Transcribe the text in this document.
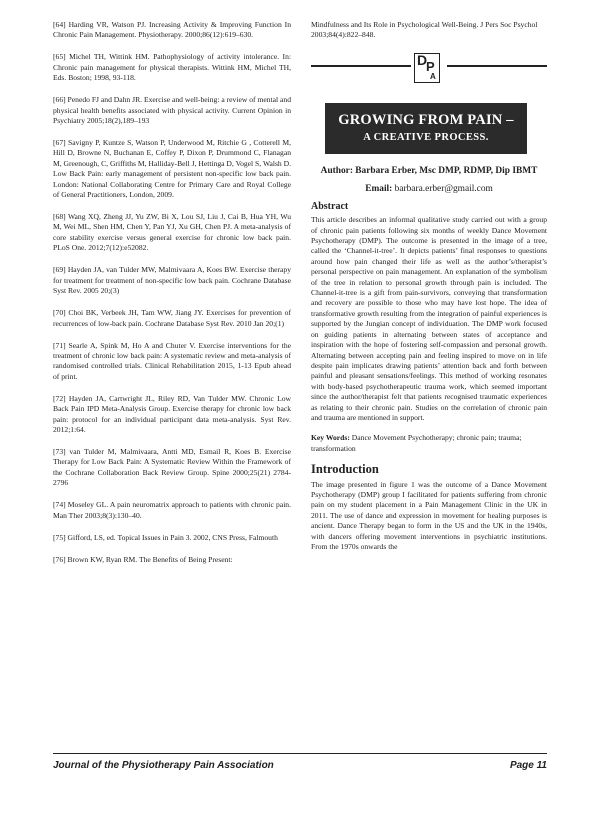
[64] Harding VR, Watson PJ. Increasing Activity & Improving Function In Chronic Pain Management. Physiotherapy. 2000;86(12):619–630.

[65] Michel TH, Wittink HM. Pathophysiology of activity intolerance. In: Chronic pain management for physical therapists. Wittink HM, Michel TH, Eds. Boston; 1998, 93-118.

[66] Penedo FJ and Dahn JR. Exercise and well-being: a review of mental and physical health benefits associated with physical activity. Current Opinion in Psychiatry 2005;18(2),189–193

[67] Savigny P, Kuntze S, Watson P, Underwood M, Ritchie G , Cotterell M, Hill D, Browne N, Buchanan E, Coffey P, Dixon P, Drummond C, Flanagan M, Greenough, C, Griffiths M, Halliday-Bell J, Hettinga D, Vogel S, Walsh D. Low Back Pain: early management of persistent non-specific low back pain. London: National Collaborating Centre for Primary Care and Royal College of General Practitioners, London, 2009.

[68] Wang XQ, Zheng JJ, Yu ZW, Bi X, Lou SJ, Liu J, Cai B, Hua YH, Wu M, Wei ML, Shen HM, Chen Y, Pan YJ, Xu GH, Chen PJ. A meta-analysis of core stability exercise versus general exercise for chronic low back pain. PLoS One. 2012;7(12):e52082.

[69] Hayden JA, van Tulder MW, Malmivaara A, Koes BW. Exercise therapy for treatment for treatment of non-specific low back pain. Cochrane Database Syst Rev. 2005 20;(3)

[70] Choi BK, Verbeek JH, Tam WW, Jiang JY. Exercises for prevention of recurrences of low-back pain. Cochrane Database Syst Rev. 2010 Jan 20;(1)

[71] Searle A, Spink M, Ho A and Chuter V. Exercise interventions for the treatment of chronic low back pain: A systematic review and meta-analysis of randomised controlled trials. Clinical Rehabilitation 2015, 1-13 Epub ahead of print.

[72] Hayden JA, Cartwright JL, Riley RD, Van Tulder MW. Chronic Low Back Pain IPD Meta-Analysis Group. Exercise therapy for chronic low back pain: protocol for an individual participant data meta-analysis. Syst Rev. 2012;1:64.

[73] van Tulder M, Malmivaara, Antti MD, Esmail R, Koes B. Exercise Therapy for Low Back Pain: A Systematic Review Within the Framework of the Cochrane Collaboration Back Review Group. Spine 2000;25(21) 2784-2796

[74] Moseley GL. A pain neuromatrix approach to patients with chronic pain. Man Ther 2003;8(3):130–40.

[75] Gifford, LS, ed. Topical Issues in Pain 3. 2002, CNS Press, Falmouth

[76] Brown KW, Ryan RM. The Benefits of Being Present:

Mindfulness and Its Role in Psychological Well-Being. J Pers Soc Psychol 2003;84(4):822–848.

D
P
A
GROWING FROM PAIN –
A CREATIVE PROCESS.
Author: Barbara Erber, Msc DMP, RDMP, Dip IBMT
Email: barbara.erber@gmail.com
Abstract

This article describes an informal qualitative study carried out with a group of chronic pain patients following six months of weekly Dance Movement Psychotherapy (DMP). The outcome is presented in the image of a tree, called the ‘Channel-it-tree’. It depicts patients’ final responses to questions around how pain changed their life as well as the author’s/therapist’s personal perspective on pain management. An explanation of the symbolism of the tree in relation to personal growth through pain is included. The Channel-it-tree is a gift from pain-survivors, conveying that transformation and recovery are possible to those who may have lost hope. The idea of transformative growth resulting from the integration of painful experiences is supported by the Jungian concept of individuation. The DMP work focused on guiding patients in alternating between states of acceptance and inspiration with the hope of fostering self-compassion and personal growth. Alternating between accepting pain and feeling inspired to move on in life despite pain implicates drawing patients’ attention back and forth between painful and pleasant sensations/feelings. This method of working resonates with body-based psychotherapeutic trauma work, which seemed important since the author/therapist felt that patients recognised traumatic experiences as relating to their chronic pain. Studies on the correlation of chronic pain and trauma are mentioned in support.

Key Words: Dance Movement Psychotherapy; chronic pain; trauma; transformation

Introduction

The image presented in figure 1 was the outcome of a Dance Movement Psychotherapy (DMP) group I facilitated for patients suffering from chronic pain on my student placement in a Pain Management Clinic in the UK in 2011. The use of dance and expression in movement for healing purposes is ancient. Dance Therapy began to form in the US and the UK in the 1940s, with dancers offering movement interventions in psychiatric institutions. From the 1970s onwards the

Journal of the Physiotherapy Pain Association	Page 11
